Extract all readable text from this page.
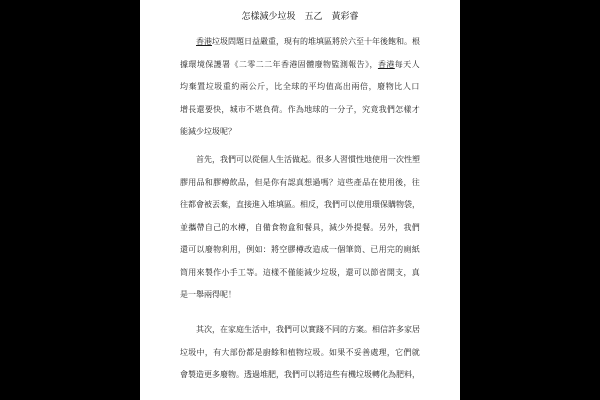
怎樣減少垃圾　五乙　黃彩睿
香港垃圾問題日益嚴重，現有的堆填區將於六至十年後飽和。根
據環境保護署《二零二二年香港固體廢物監測報告》，香港每天人
均棄置垃圾重約兩公斤，比全球的平均值高出兩倍，廢物比人口
增長還要快，城市不堪負荷。作為地球的一分子，究竟我們怎樣才
能減少垃圾呢？
首先，我們可以從個人生活做起。很多人習慣性地使用一次性塑
膠用品和膠樽飲品，但是你有認真想過嗎？這些產品在使用後，往
往都會被丟棄，直接進入堆填區。相反，我們可以使用環保購物袋，
並攜帶自己的水樽，自備食物盒和餐具，減少外提餐。另外，我們
還可以廢物利用，例如：將空膠樽改造成一個筆筒、已用完的廁紙
筒用來製作小手工等。這樣不僅能減少垃圾，還可以節省開支，真
是一舉兩得呢！
其次，在家庭生活中，我們可以實踐不同的方案。相信許多家居
垃圾中，有大部份都是廚餘和植物垃圾。如果不妥善處理，它們就
會製造更多廢物。透過堆肥，我們可以將這些有機垃圾轉化為肥料，
